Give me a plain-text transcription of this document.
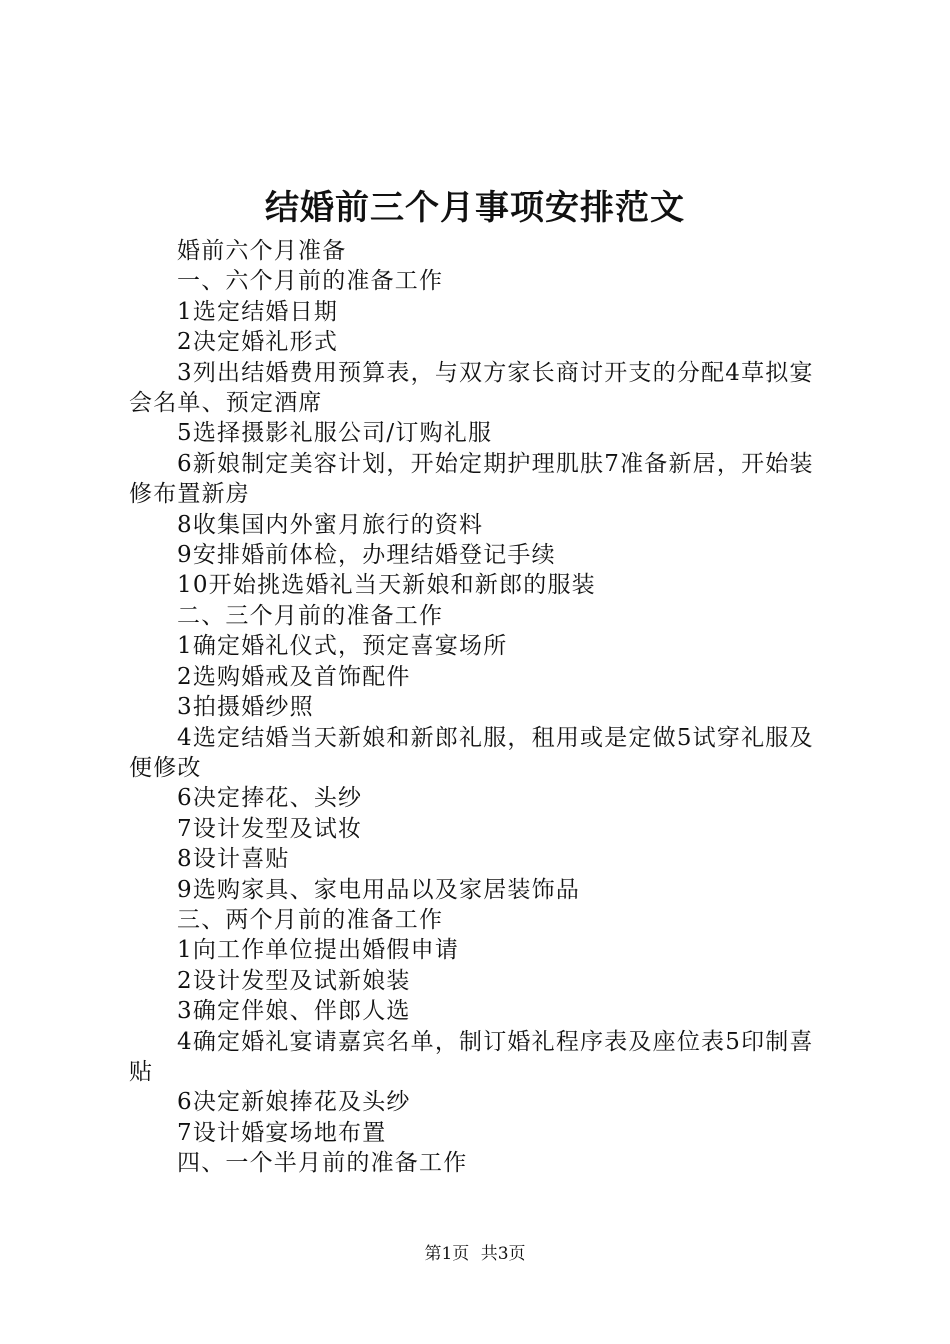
结婚前三个月事项安排范文

婚前六个月准备

一、六个月前的准备工作

1选定结婚日期

2决定婚礼形式

3列出结婚费用预算表，与双方家长商讨开支的分配4草拟宴会名单、预定酒席

5选择摄影礼服公司/订购礼服

6新娘制定美容计划，开始定期护理肌肤7准备新居，开始装修布置新房

8收集国内外蜜月旅行的资料

9安排婚前体检，办理结婚登记手续

10开始挑选婚礼当天新娘和新郎的服装

二、三个月前的准备工作

1确定婚礼仪式，预定喜宴场所

2选购婚戒及首饰配件

3拍摄婚纱照

4选定结婚当天新娘和新郎礼服，租用或是定做5试穿礼服及便修改

6决定捧花、头纱

7设计发型及试妆

8设计喜贴

9选购家具、家电用品以及家居装饰品

三、两个月前的准备工作

1向工作单位提出婚假申请

2设计发型及试新娘装

3确定伴娘、伴郎人选

4确定婚礼宴请嘉宾名单，制订婚礼程序表及座位表5印制喜贴

6决定新娘捧花及头纱

7设计婚宴场地布置

四、一个半月前的准备工作

第1页 共3页
